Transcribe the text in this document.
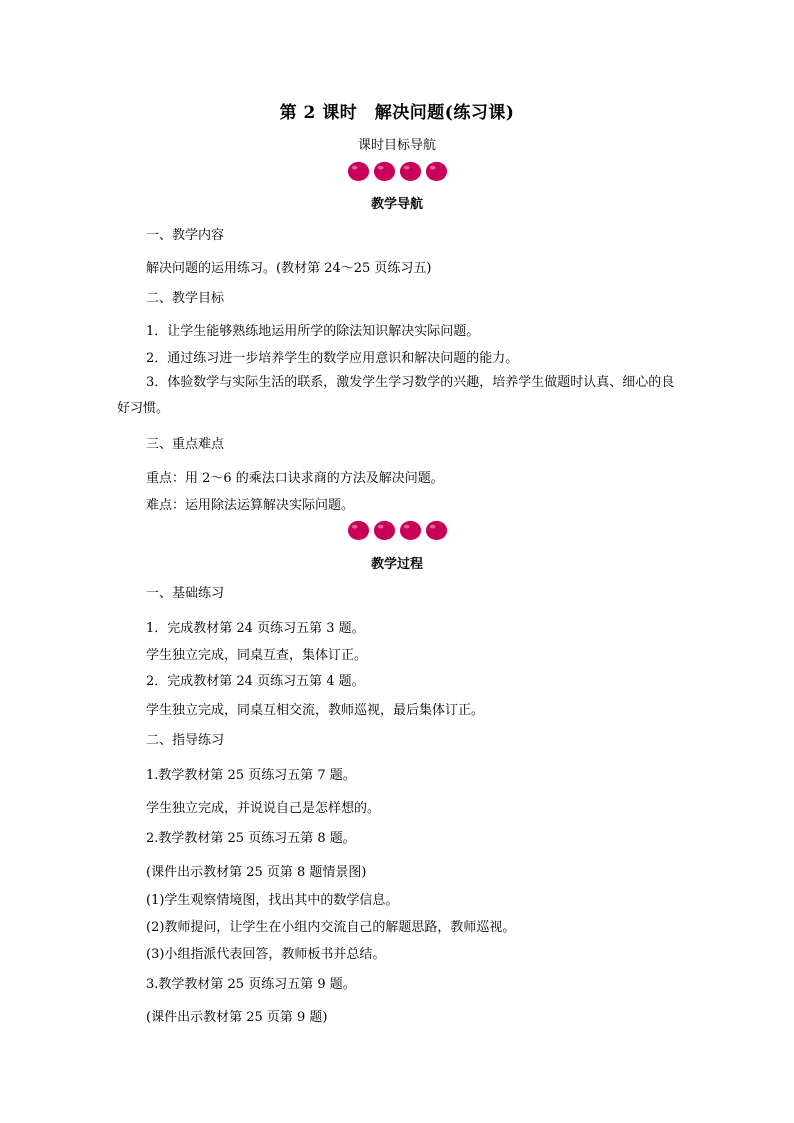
第 2 课时　解决问题(练习课)
课时目标导航
教学导航
一、教学内容
解决问题的运用练习。(教材第 24～25 页练习五)
二、教学目标
1．让学生能够熟练地运用所学的除法知识解决实际问题。
2．通过练习进一步培养学生的数学应用意识和解决问题的能力。
3．体验数学与实际生活的联系，激发学生学习数学的兴趣，培养学生做题时认真、细心的良好习惯。
三、重点难点
重点：用 2～6 的乘法口诀求商的方法及解决问题。
难点：运用除法运算解决实际问题。
教学过程
一、基础练习
1．完成教材第 24 页练习五第 3 题。
学生独立完成，同桌互查，集体订正。
2．完成教材第 24 页练习五第 4 题。
学生独立完成，同桌互相交流，教师巡视，最后集体订正。
二、指导练习
1.教学教材第 25 页练习五第 7 题。
学生独立完成，并说说自己是怎样想的。
2.教学教材第 25 页练习五第 8 题。
(课件出示教材第 25 页第 8 题情景图)
(1)学生观察情境图，找出其中的数学信息。
(2)教师提问，让学生在小组内交流自己的解题思路，教师巡视。
(3)小组指派代表回答，教师板书并总结。
3.教学教材第 25 页练习五第 9 题。
(课件出示教材第 25 页第 9 题)
